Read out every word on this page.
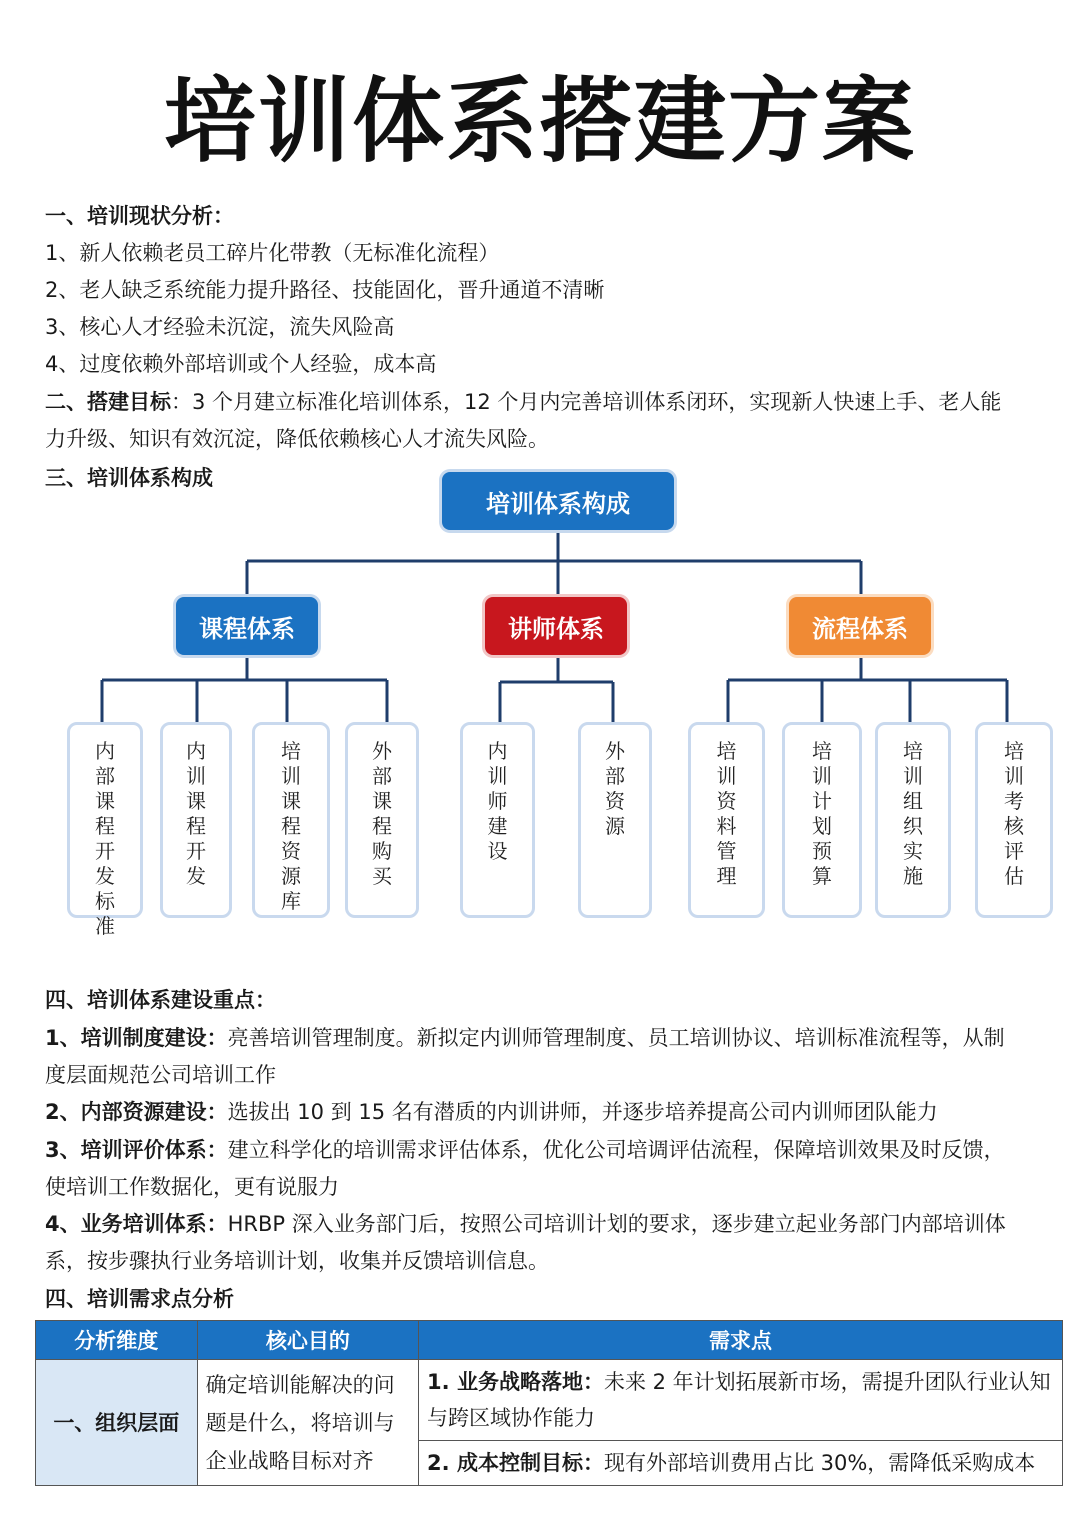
培训体系搭建方案
一、培训现状分析：
1、新人依赖老员工碎片化带教（无标准化流程）
2、老人缺乏系统能力提升路径、技能固化，晋升通道不清晰
3、核心人才经验未沉淀，流失风险高
4、过度依赖外部培训或个人经验，成本高
二、搭建目标：3 个月建立标准化培训体系，12 个月内完善培训体系闭环，实现新人快速上手、老人能
力升级、知识有效沉淀，降低依赖核心人才流失风险。
三、培训体系构成
培训体系构成
课程体系	讲师体系	流程体系
内部课程开发标准
内训课程开发
培训课程资源库
外部课程购买
内训师建设
外部资源
培训资料管理
培训计划预算
培训组织实施
培训考核评估
四、培训体系建设重点：
1、培训制度建设：亮善培训管理制度。新拟定内训师管理制度、员工培训协议、培训标准流程等，从制
度层面规范公司培训工作
2、内部资源建设：选拔出 10 到 15 名有潜质的内训讲师，并逐步培养提高公司内训师团队能力
3、培训评价体系：建立科学化的培训需求评估体系，优化公司培调评估流程，保障培训效果及时反馈，
使培训工作数据化，更有说服力
4、业务培训体系：HRBP 深入业务部门后，按照公司培训计划的要求，逐步建立起业务部门内部培训体
系，按步骤执行业务培训计划，收集并反馈培训信息。
四、培训需求点分析
分析维度	核心目的	需求点
一、组织层面	确定培训能解决的问题是什么，将培训与企业战略目标对齐	1. 业务战略落地：未来 2 年计划拓展新市场，需提升团队行业认知与跨区域协作能力
		2. 成本控制目标：现有外部培训费用占比 30%，需降低采购成本
